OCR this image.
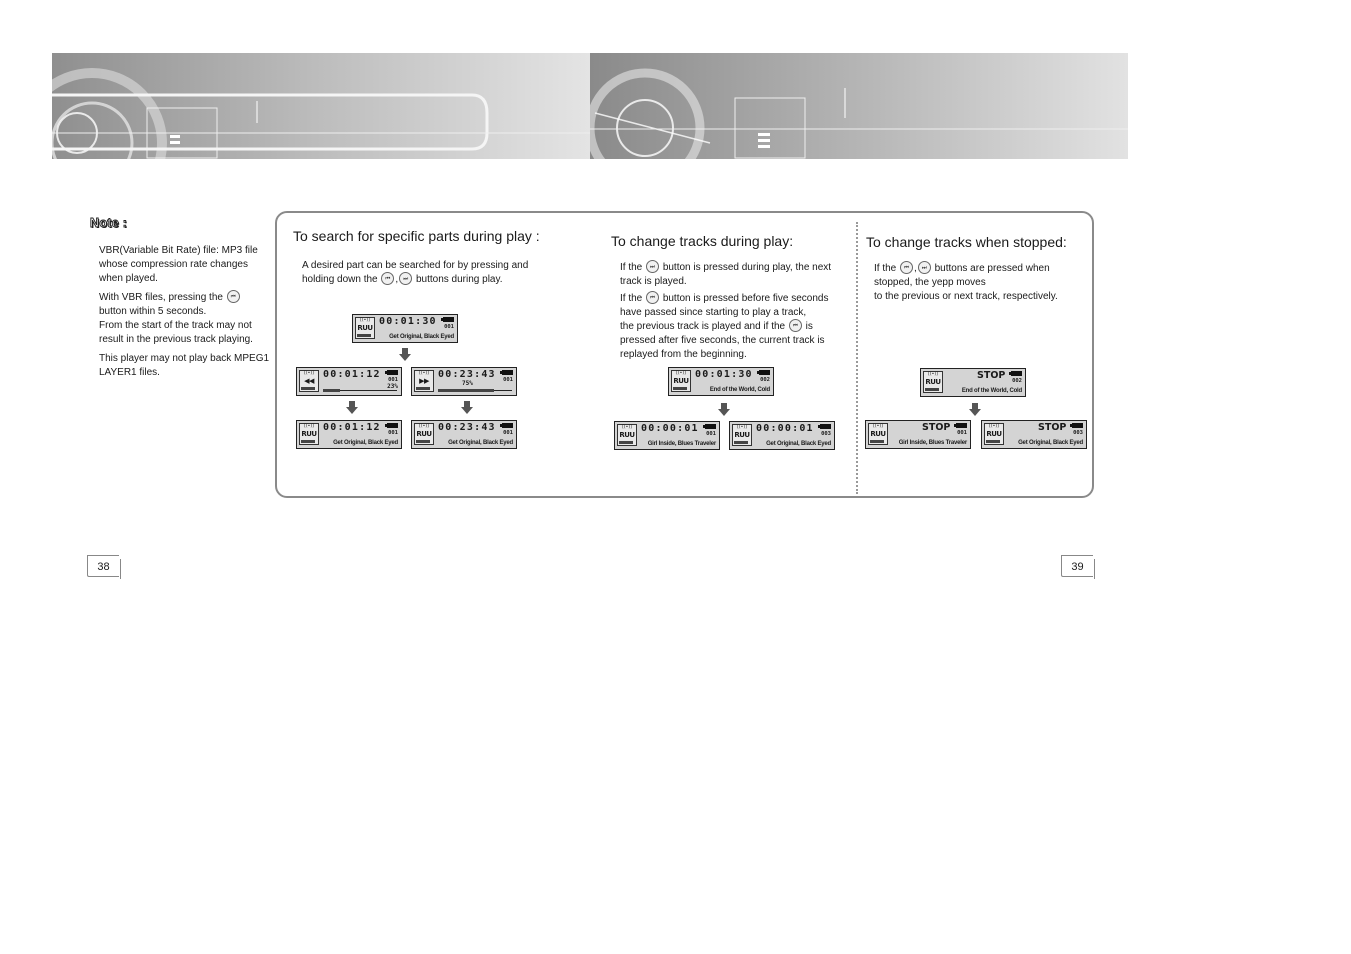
Note :

VBR(Variable Bit Rate) file: MP3 file whose compression rate changes when played.

With VBR files, pressing the ⏮
button within 5 seconds.
From the start of the track may not result in the previous track playing.

This player may not play back MPEG1 LAYER1 files.

To search for specific parts during play :

A desired part can be searched for by pressing and holding down the ⏮ , ⏭ buttons during play.

To change tracks during play:

If the ⏭ button is pressed during play, the next track is played.

If the ⏮ button is pressed before five seconds have passed since starting to play a track,
the previous track is played and if the ⏮ is pressed after five seconds, the current track is replayed from the beginning.

To change tracks when stopped:

If the ⏮ , ⏭ buttons are pressed when stopped, the yepp moves
to the previous or next track, respectively.

[(•)]
RUU
00:01:30 001
Get Original, Black Eyed
[(•)]
◀◀
00:01:12 001
23%
[(•)]
▶▶
00:23:43 001
75%
[(•)]
RUU
00:01:12 001
Get Original, Black Eyed
[(•)]
RUU
00:23:43 001
Get Original, Black Eyed
[(•)]
RUU
00:01:30 002
End of the World, Cold
[(•)]
RUU
00:00:01 001
Girl Inside, Blues Traveler
[(•)]
RUU
00:00:01 003
Get Original, Black Eyed
[(•)]
RUU
STOP 002
End of the World, Cold
[(•)]
RUU
STOP 001
Girl Inside, Blues Traveler
[(•)]
RUU
STOP 003
Get Original, Black Eyed
38	39
